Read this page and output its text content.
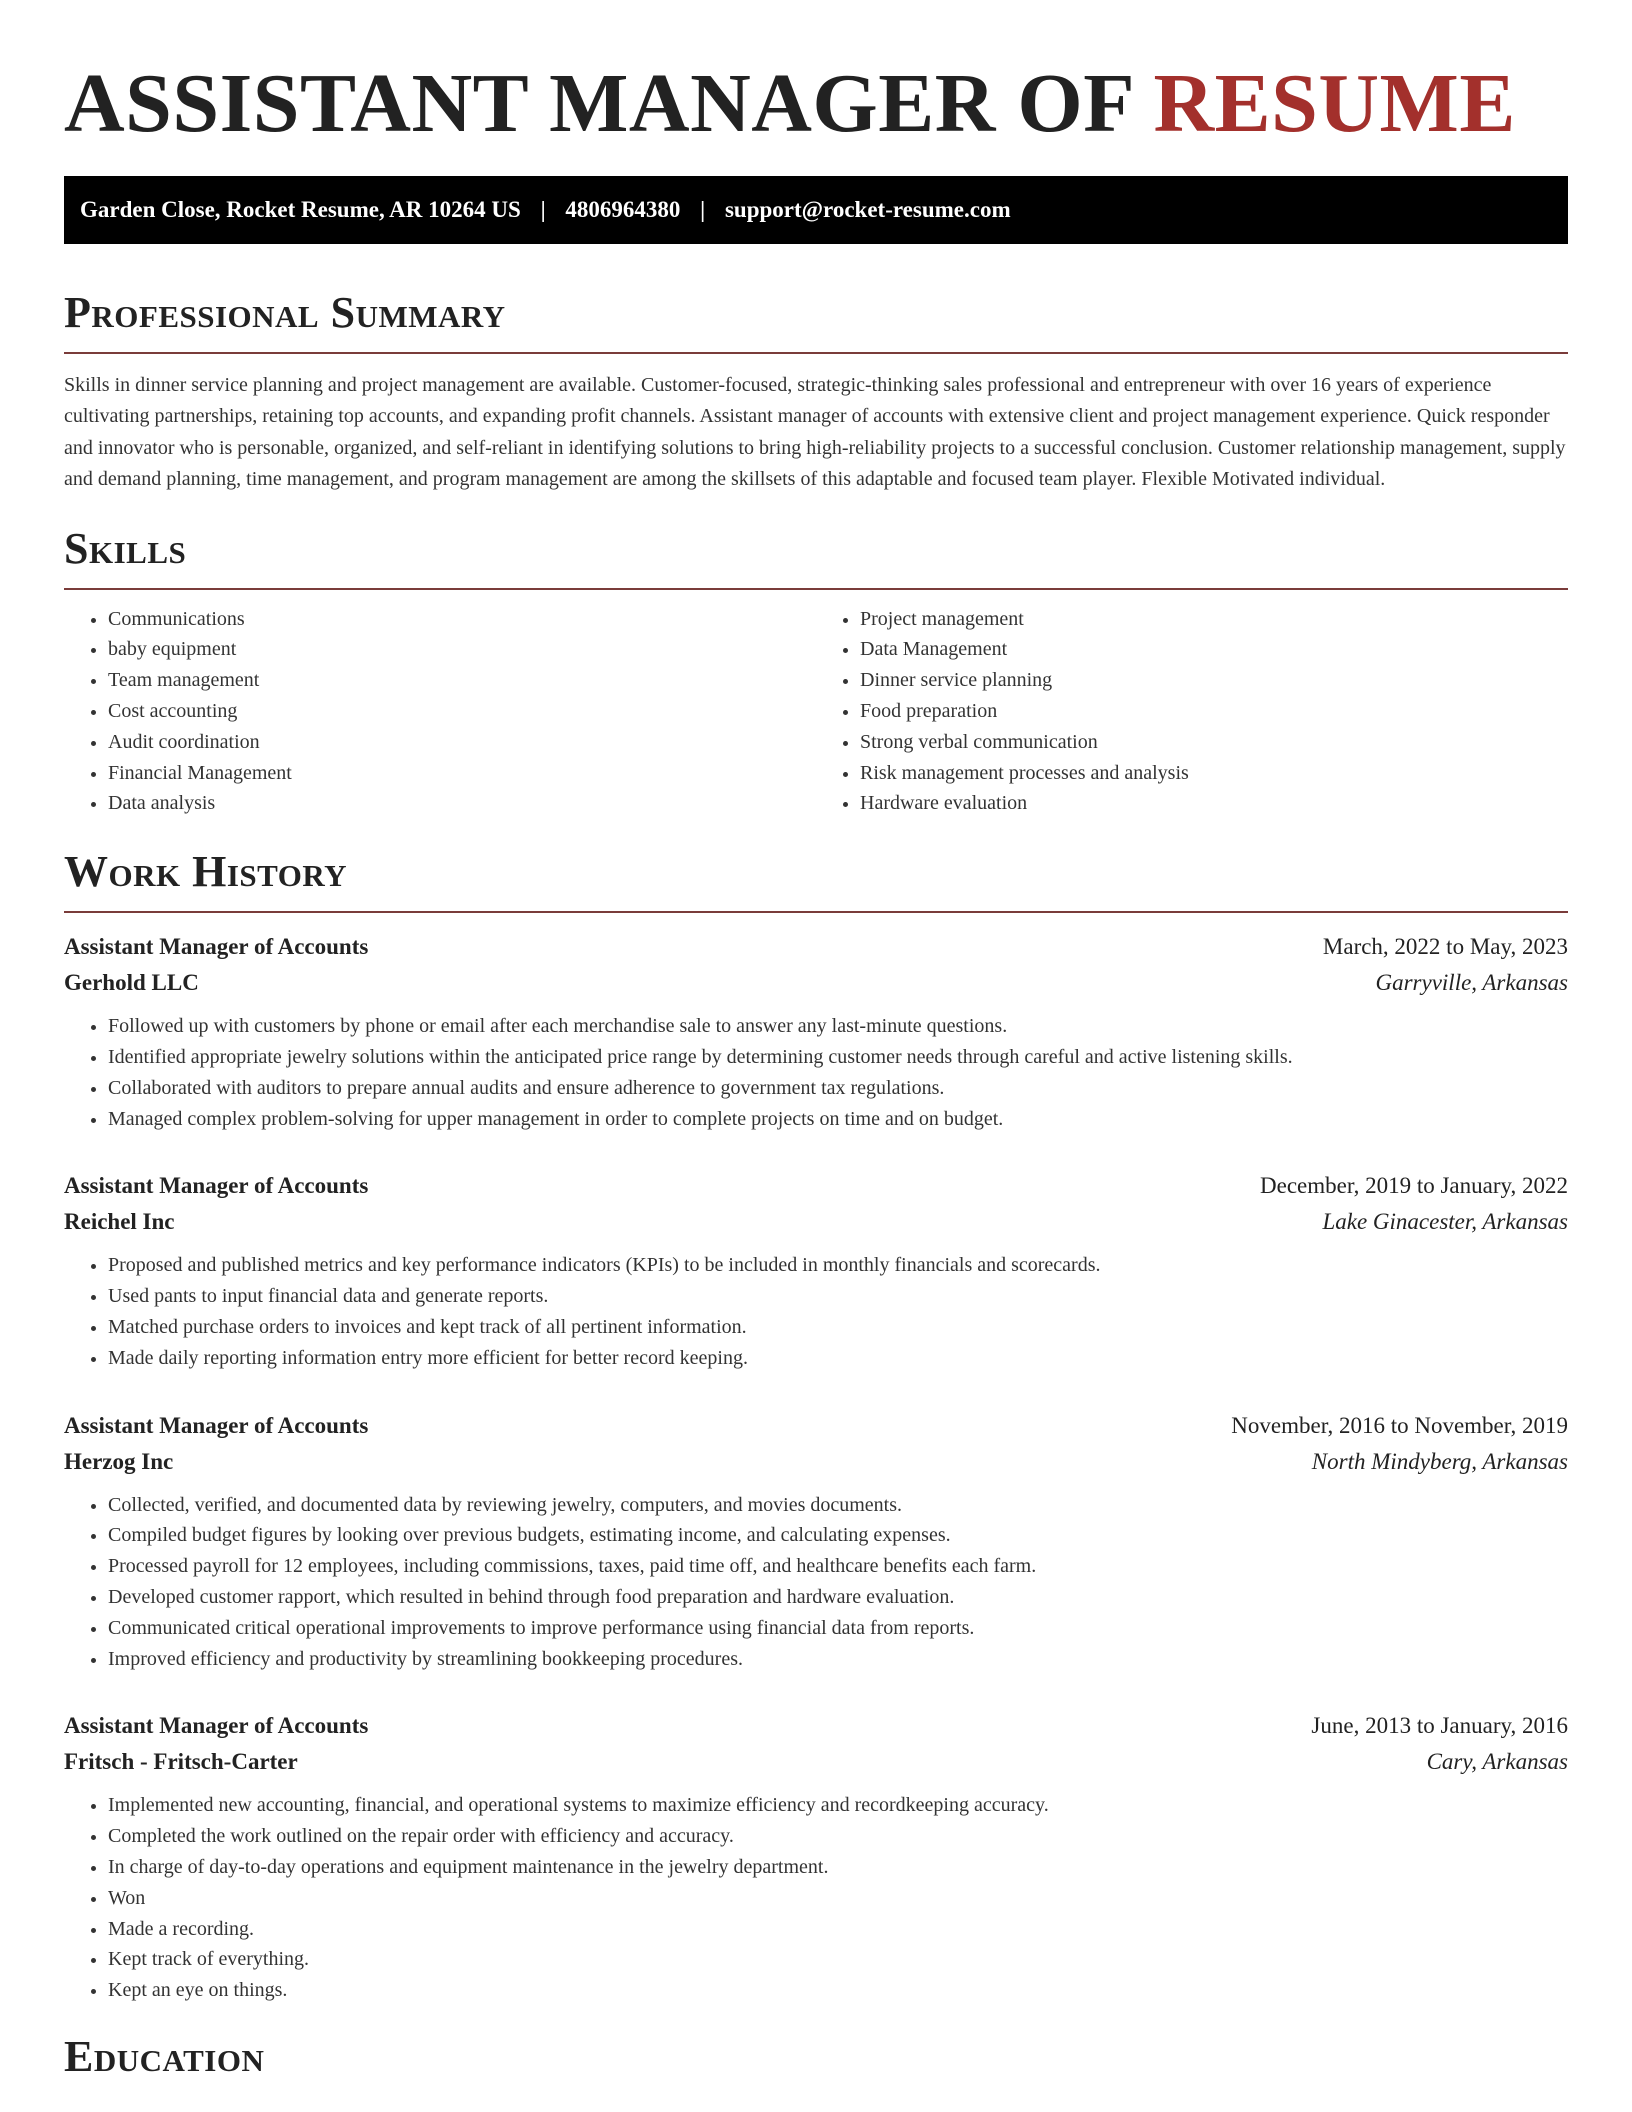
ASSISTANT MANAGER OF RESUME
Garden Close, Rocket Resume, AR 10264 US | 4806964380 | support@rocket-resume.com
Professional Summary

Skills in dinner service planning and project management are available. Customer-focused, strategic-thinking sales professional and entrepreneur with over 16 years of experience cultivating partnerships, retaining top accounts, and expanding profit channels. Assistant manager of accounts with extensive client and project management experience. Quick responder and innovator who is personable, organized, and self-reliant in identifying solutions to bring high-reliability projects to a successful conclusion. Customer relationship management, supply and demand planning, time management, and program management are among the skillsets of this adaptable and focused team player. Flexible Motivated individual.

Skills
• Communications
• baby equipment
• Team management
• Cost accounting
• Audit coordination
• Financial Management
• Data analysis
• Project management
• Data Management
• Dinner service planning
• Food preparation
• Strong verbal communication
• Risk management processes and analysis
• Hardware evaluation
Work History
Assistant Manager of Accounts	March, 2022 to May, 2023
Gerhold LLC	Garryville, Arkansas
• Followed up with customers by phone or email after each merchandise sale to answer any last-minute questions.
• Identified appropriate jewelry solutions within the anticipated price range by determining customer needs through careful and active listening skills.
• Collaborated with auditors to prepare annual audits and ensure adherence to government tax regulations.
• Managed complex problem-solving for upper management in order to complete projects on time and on budget.
Assistant Manager of Accounts	December, 2019 to January, 2022
Reichel Inc	Lake Ginacester, Arkansas
• Proposed and published metrics and key performance indicators (KPIs) to be included in monthly financials and scorecards.
• Used pants to input financial data and generate reports.
• Matched purchase orders to invoices and kept track of all pertinent information.
• Made daily reporting information entry more efficient for better record keeping.
Assistant Manager of Accounts	November, 2016 to November, 2019
Herzog Inc	North Mindyberg, Arkansas
• Collected, verified, and documented data by reviewing jewelry, computers, and movies documents.
• Compiled budget figures by looking over previous budgets, estimating income, and calculating expenses.
• Processed payroll for 12 employees, including commissions, taxes, paid time off, and healthcare benefits each farm.
• Developed customer rapport, which resulted in behind through food preparation and hardware evaluation.
• Communicated critical operational improvements to improve performance using financial data from reports.
• Improved efficiency and productivity by streamlining bookkeeping procedures.
Assistant Manager of Accounts	June, 2013 to January, 2016
Fritsch - Fritsch-Carter	Cary, Arkansas
• Implemented new accounting, financial, and operational systems to maximize efficiency and recordkeeping accuracy.
• Completed the work outlined on the repair order with efficiency and accuracy.
• In charge of day-to-day operations and equipment maintenance in the jewelry department.
• Won
• Made a recording.
• Kept track of everything.
• Kept an eye on things.
Education
